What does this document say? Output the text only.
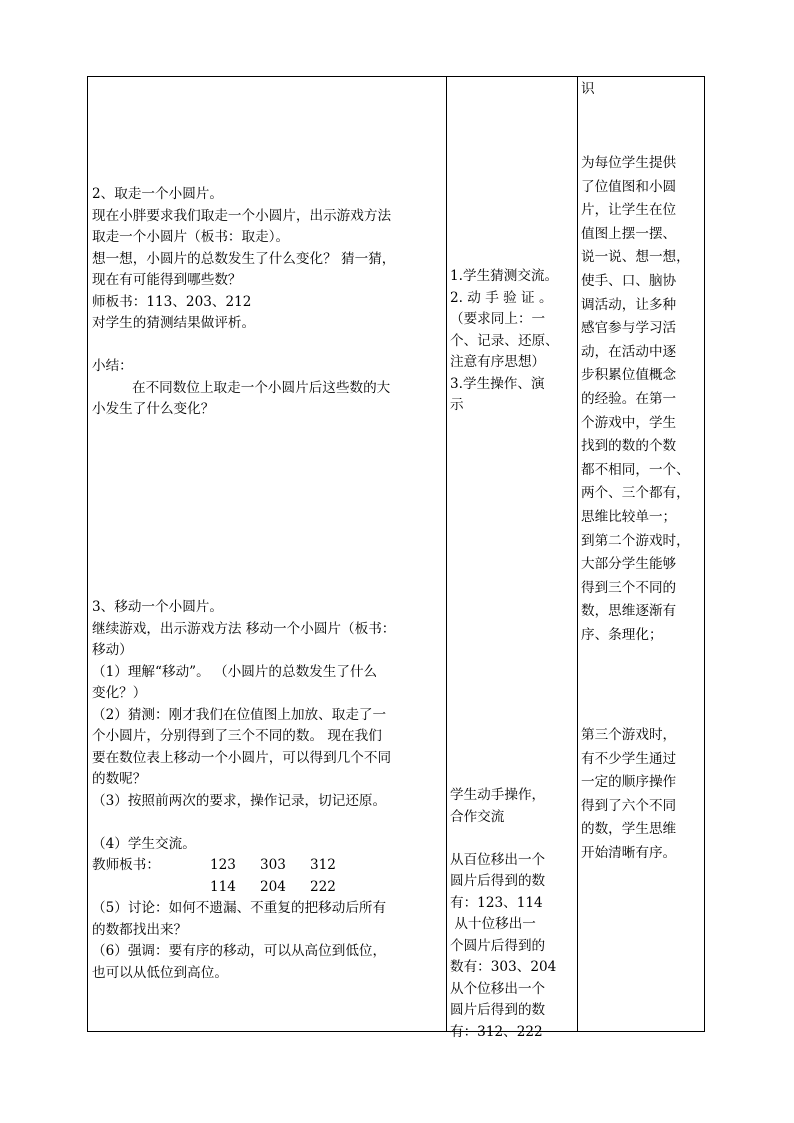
2、取走一个小圆片。
现在小胖要求我们取走一个小圆片，出示游戏方法
取走一个小圆片（板书：取走）。
想一想，小圆片的总数发生了什么变化？ 猜一猜，
现在有可能得到哪些数？
师板书：113、203、212
对学生的猜测结果做评析。

小结：
在不同数位上取走一个小圆片后这些数的大
小发生了什么变化？
3、移动一个小圆片。
继续游戏，出示游戏方法 移动一个小圆片（板书：
移动）
（1）理解“移动”。 （小圆片的总数发生了什么
变化？）
（2）猜测：刚才我们在位值图上加放、取走了一
个小圆片，分别得到了三个不同的数。 现在我们
要在数位表上移动一个小圆片，可以得到几个不同
的数呢？
（3）按照前两次的要求，操作记录，切记还原。

（4）学生交流。
教师板书：	123 303 312
114 204 222
（5）讨论：如何不遗漏、不重复的把移动后所有
的数都找出来？
（6）强调：要有序的移动，可以从高位到低位，
也可以从低位到高位。
1.学生猜测交流。
2. 动 手 验 证 。
（要求同上：一
个、记录、还原、
注意有序思想）
3.学生操作、演
示
学生动手操作，
合作交流

从百位移出一个
圆片后得到的数
有：123、114
从十位移出一
个圆片后得到的
数有：303、204
从个位移出一个
圆片后得到的数
有：312、222
识
为每位学生提供
了位值图和小圆
片，让学生在位
值图上摆一摆、
说一说、想一想，
使手、口、脑协
调活动，让多种
感官参与学习活
动，在活动中逐
步积累位值概念
的经验。在第一
个游戏中，学生
找到的数的个数
都不相同，一个、
两个、三个都有，
思维比较单一；
到第二个游戏时，
大部分学生能够
得到三个不同的
数，思维逐渐有
序、条理化；
第三个游戏时，
有不少学生通过
一定的顺序操作
得到了六个不同
的数，学生思维
开始清晰有序。
